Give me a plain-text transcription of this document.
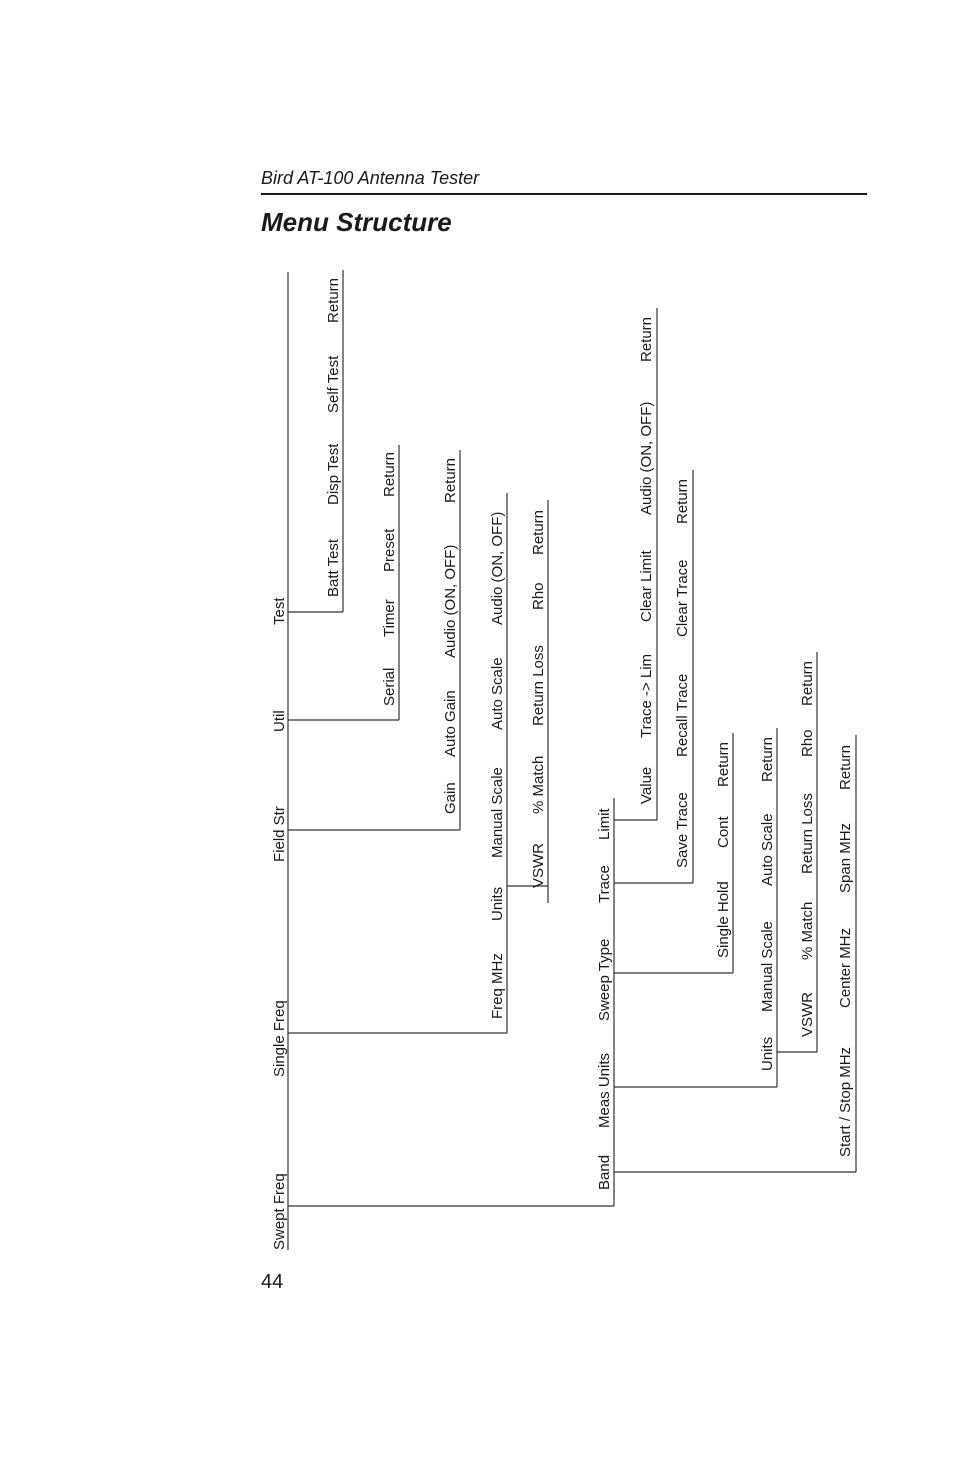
Bird AT-100 Antenna Tester
Menu Structure
Swept Freq
Single Freq
Field Str
Util
Test
Batt Test
Disp Test
Self Test
Return
Serial
Timer
Preset
Return
Gain
Auto Gain
Audio (ON, OFF)
Return
Freq MHz
Units
Manual Scale
Auto Scale
Audio (ON, OFF)
VSWR
% Match
Return Loss
Rho
Return
Band
Meas Units
Sweep Type
Trace
Limit
Value
Trace -> Lim
Clear Limit
Audio (ON, OFF)
Return
Save Trace
Recall Trace
Clear Trace
Return
Single Hold
Cont
Return
Units
Manual Scale
Auto Scale
Return
VSWR
% Match
Return Loss
Rho
Return
Start / Stop MHz
Center MHz
Span MHz
Return
44
